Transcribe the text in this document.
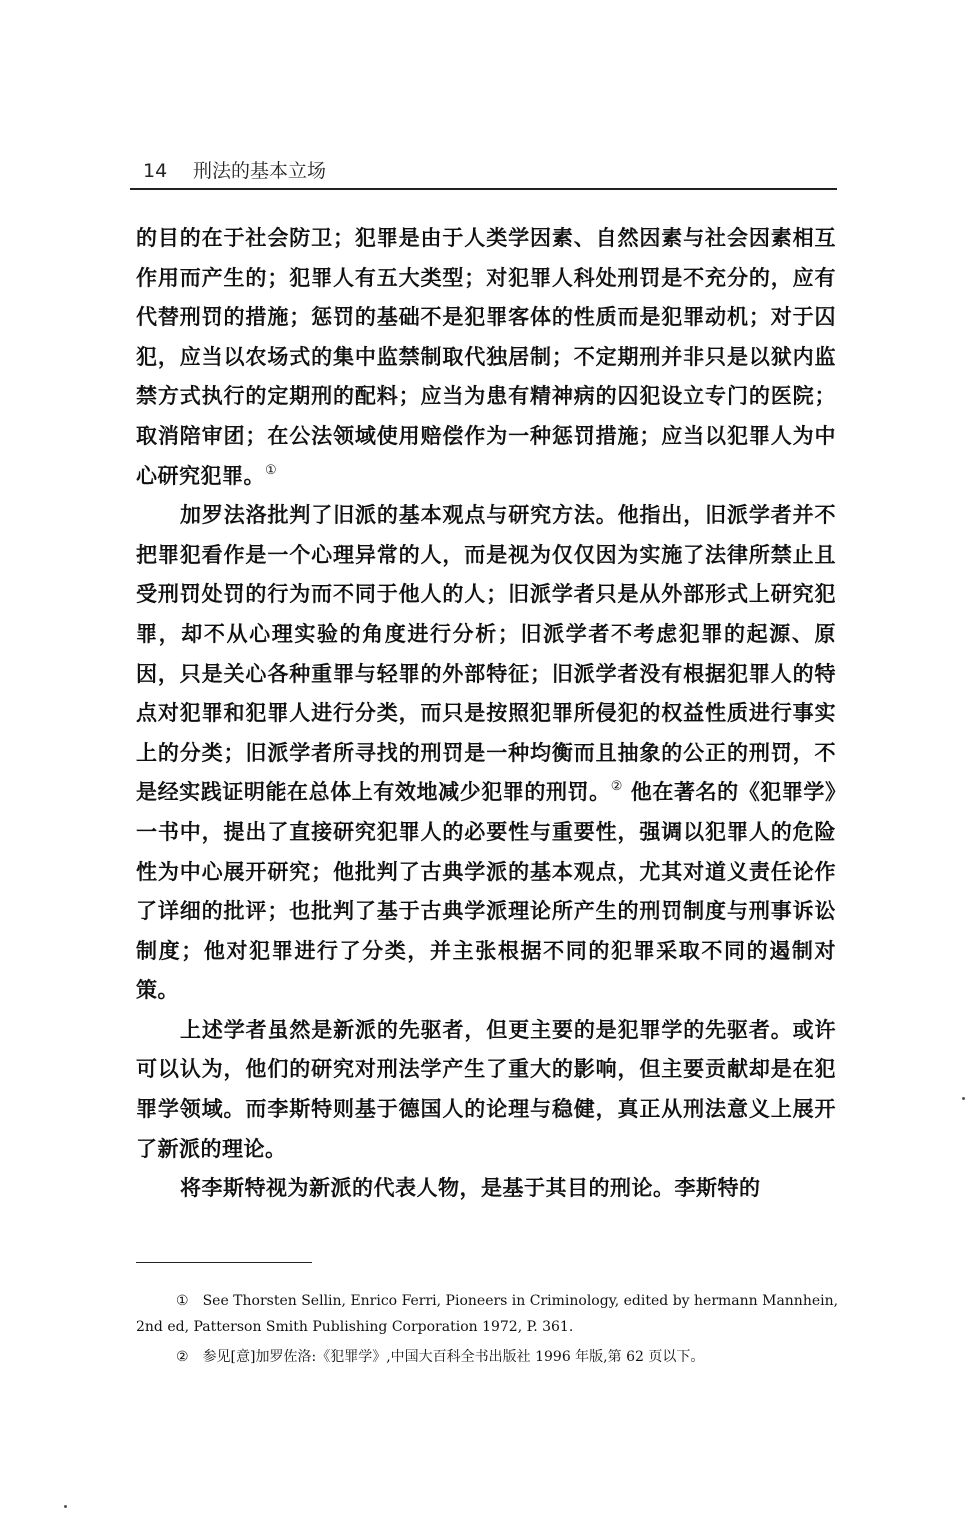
14 刑法的基本立场

的目的在于社会防卫；犯罪是由于人类学因素、自然因素与社会因素相互作用而产生的；犯罪人有五大类型；对犯罪人科处刑罚是不充分的，应有代替刑罚的措施；惩罚的基础不是犯罪客体的性质而是犯罪动机；对于囚犯，应当以农场式的集中监禁制取代独居制；不定期刑并非只是以狱内监禁方式执行的定期刑的配料；应当为患有精神病的囚犯设立专门的医院；取消陪审团；在公法领域使用赔偿作为一种惩罚措施；应当以犯罪人为中心研究犯罪。①

加罗法洛批判了旧派的基本观点与研究方法。他指出，旧派学者并不把罪犯看作是一个心理异常的人，而是视为仅仅因为实施了法律所禁止且受刑罚处罚的行为而不同于他人的人；旧派学者只是从外部形式上研究犯罪，却不从心理实验的角度进行分析；旧派学者不考虑犯罪的起源、原因，只是关心各种重罪与轻罪的外部特征；旧派学者没有根据犯罪人的特点对犯罪和犯罪人进行分类，而只是按照犯罪所侵犯的权益性质进行事实上的分类；旧派学者所寻找的刑罚是一种均衡而且抽象的公正的刑罚，不是经实践证明能在总体上有效地减少犯罪的刑罚。② 他在著名的《犯罪学》一书中，提出了直接研究犯罪人的必要性与重要性，强调以犯罪人的危险性为中心展开研究；他批判了古典学派的基本观点，尤其对道义责任论作了详细的批评；也批判了基于古典学派理论所产生的刑罚制度与刑事诉讼制度；他对犯罪进行了分类，并主张根据不同的犯罪采取不同的遏制对策。

上述学者虽然是新派的先驱者，但更主要的是犯罪学的先驱者。或许可以认为，他们的研究对刑法学产生了重大的影响，但主要贡献却是在犯罪学领域。而李斯特则基于德国人的论理与稳健，真正从刑法意义上展开了新派的理论。

将李斯特视为新派的代表人物，是基于其目的刑论。李斯特的

① See Thorsten Sellin, Enrico Ferri, Pioneers in Criminology, edited by hermann Mannhein, 2nd ed, Patterson Smith Publishing Corporation 1972, P. 361.

② 参见[意]加罗佐洛:《犯罪学》,中国大百科全书出版社 1996 年版,第 62 页以下。
